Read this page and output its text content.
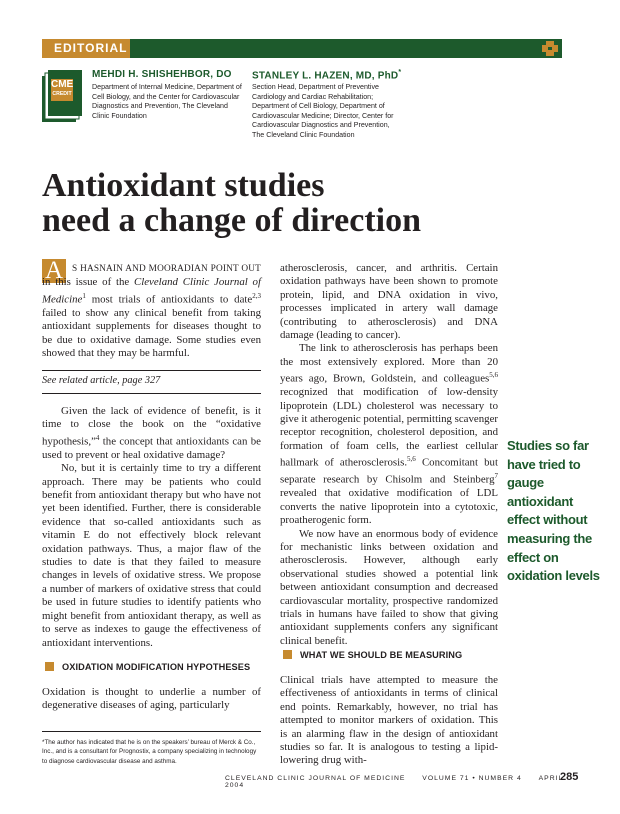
EDITORIAL
CME
CREDIT
MEHDI H. SHISHEHBOR, DO
Department of Internal Medicine, Department of Cell Biology, and the Center for Cardiovascular Diagnostics and Prevention, The Cleveland Clinic Foundation
STANLEY L. HAZEN, MD, PhD*
Section Head, Department of Preventive Cardiology and Cardiac Rehabilitation; Department of Cell Biology, Department of Cardiovascular Medicine; Director, Center for Cardiovascular Diagnostics and Prevention, The Cleveland Clinic Foundation
Antioxidant studies
need a change of direction
A S HASNAIN AND MOORADIAN POINT OUT in this issue of the Cleveland Clinic Journal of Medicine$^1$ most trials of antioxidants to date$^{2,3}$ failed to show any clinical benefit from taking antioxidant supplements for diseases thought to be due to oxidative damage. Some studies even showed that they may be harmful.

See related article, page 327

Given the lack of evidence of benefit, is it time to close the book on the “oxidative hypothesis,”$^4$ the concept that antioxidants can be used to prevent or heal oxidative damage?

No, but it is certainly time to try a different approach. There may be patients who could benefit from antioxidant therapy but who have not yet been identified. Further, there is considerable evidence that so-called antioxidants such as vitamin E do not effectively block relevant oxidation pathways. Thus, a major flaw of the studies to date is that they failed to measure changes in levels of oxidative stress. We propose a number of markers of oxidative stress that could be used in future studies to identify patients who might benefit from antioxidant therapy, as well as to serve as indexes to gauge the effectiveness of antioxidant interventions.

OXIDATION MODIFICATION HYPOTHESES
Oxidation is thought to underlie a number of degenerative diseases of aging, particularly
*The author has indicated that he is on the speakers’ bureau of Merck & Co., Inc., and is a consultant for Prognostix, a company specializing in technology to diagnose cardiovascular disease and asthma.

atherosclerosis, cancer, and arthritis. Certain oxidation pathways have been shown to promote protein, lipid, and DNA oxidation in vivo, processes implicated in artery wall damage (contributing to atherosclerosis) and DNA damage (leading to cancer).

The link to atherosclerosis has perhaps been the most extensively explored. More than 20 years ago, Brown, Goldstein, and colleagues$^{5,6}$ recognized that modification of low-density lipoprotein (LDL) cholesterol was necessary to give it atherogenic potential, permitting scavenger receptor recognition, cholesterol deposition, and formation of foam cells, the earliest cellular hallmark of atherosclerosis.$^{5,6}$ Concomitant but separate research by Chisolm and Steinberg$^7$ revealed that oxidative modification of LDL converts the native lipoprotein into a cytotoxic, proatherogenic form.

We now have an enormous body of evidence for mechanistic links between oxidation and atherosclerosis. However, although early observational studies showed a potential link between antioxidant consumption and decreased cardiovascular mortality, prospective randomized trials in humans have failed to show that giving antioxidant supplements confers any significant clinical benefit.

WHAT WE SHOULD BE MEASURING
Clinical trials have attempted to measure the effectiveness of antioxidants in terms of clinical end points. Remarkably, however, no trial has attempted to monitor markers of oxidation. This is an alarming flaw in the design of antioxidant studies so far. It is analogous to testing a lipid-lowering drug with-
Studies so far have tried to gauge antioxidant effect without measuring the effect on oxidation levels
CLEVELAND CLINIC JOURNAL OF MEDICINE VOLUME 71 • NUMBER 4 APRIL 2004
285
